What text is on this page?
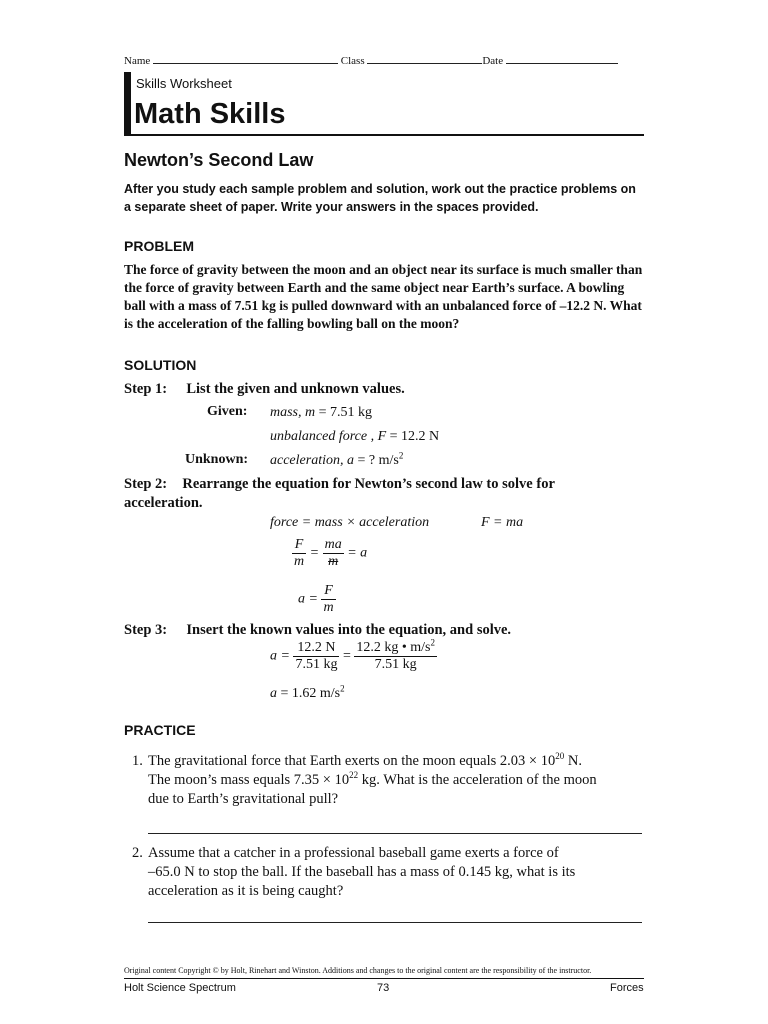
Name	Class	Date
Skills Worksheet
Math Skills
Newton’s Second Law
After you study each sample problem and solution, work out the practice problems on a separate sheet of paper. Write your answers in the spaces provided.
PROBLEM
The force of gravity between the moon and an object near its surface is much smaller than the force of gravity between Earth and the same object near Earth’s surface. A bowling ball with a mass of 7.51 kg is pulled downward with an unbalanced force of –12.2 N. What is the acceleration of the falling bowling ball on the moon?
SOLUTION
Step 1: List the given and unknown values.
Given: mass, m = 7.51 kg
unbalanced force , F = 12.2 N
Unknown: acceleration, a = ? $m/s^2$
Step 2: Rearrange the equation for Newton’s second law to solve for
acceleration.
force = mass × acceleration	F = ma
$\frac{F}{m} = \frac{ma}{m} = a$
$a = \frac{F}{m}$
Step 3: Insert the known values into the equation, and solve.
$a = \frac{12.2 N}{7.51 kg} = \frac{12.2 kg • m/s^2}{7.51 kg}$
a = 1.62 $m/s^2$
PRACTICE
1. The gravitational force that Earth exerts on the moon equals $2.03 \times 10^{20}$ N.
The moon’s mass equals $7.35 \times 10^{22}$ kg. What is the acceleration of the moon
due to Earth’s gravitational pull?
2. Assume that a catcher in a professional baseball game exerts a force of
–65.0 N to stop the ball. If the baseball has a mass of 0.145 kg, what is its
acceleration as it is being caught?
Original content Copyright © by Holt, Rinehart and Winston. Additions and changes to the original content are the responsibility of the instructor.
Holt Science Spectrum	73	Forces
